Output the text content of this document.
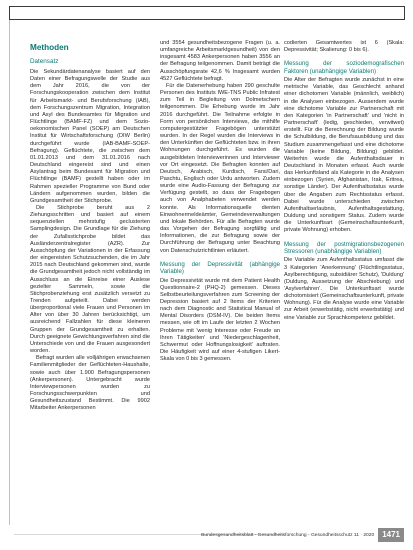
Methoden
Datensatz

Die Sekundärdatenanalyse basiert auf den Daten einer Befragungswelle der Studie aus dem Jahr 2016, die von der Forschungskooperation zwischen dem Institut für Arbeitsmarkt- und Berufsforschung (IAB), dem Forschungszentrum Migration, Integration und Asyl des Bundesamtes für Migration und Flüchtlinge (BAMF-FZ) und dem Sozio-oekonomischen Panel (SOEP) am Deutschen Institut für Wirtschaftsforschung (DIW Berlin) durchgeführt wurde (IAB-BAMF-SOEP-Befragung). Geflüchtete, die zwischen dem 01.01.2013 und dem 31.01.2016 nach Deutschland eingereist sind und einen Asylantrag beim Bundesamt für Migration und Flüchtlinge (BAMF) gestellt haben oder im Rahmen spezieller Programme von Bund oder Ländern aufgenommen wurden, bilden die Grundgesamtheit der Stichprobe.

Die Stichprobe beruht aus 2 Ziehungsschritten und basiert auf einem sequenziellen mehrstufig geclusterten Samplingdesign. Die Grundlage für die Ziehung der Zufallsstichprobe bildet das Ausländerzentralregister (AZR). Zur Ausschöpfung der Variationen in der Erfassung der eingereisten Schutzsuchenden, die im Jahr 2015 nach Deutschland gekommen sind, wurde die Grundgesamtheit jedoch nicht vollständig im Ausschluss an die Einreise einer Auslese gezielter Sammeln, sowie die Stichprobenziehung erst zusätzlich versetzt zu Trenden aufgeteilt. Dabei werden überproportional viele Frauen und Personen im Alter von über 30 Jahren berücksichtigt, um ausreichend Fallzahlen für diese kleineren Gruppen der Grundgesamtheit zu erhalten. Durch geeignete Gewichtungsverfahren sind die Unterschiede von und die Frauen ausgesondert worden.

Befragt wurden alle volljährigen erwachsenen Familienmitglieder der Geflüchteten-Haushalte, sowie auch über 1.900 Befragungspersonen (Ankerpersonen). Untergebracht wurde Interviewpersonen wurden zu Forschungsschwerpunkten und Gesundheitszustand Bestimmt. Die 9902 Mitarbeiter Ankerpersonen

und 3554 gesundheitsbezogene Fragen (u. a. umfangreiche Arbeitsmarktgesundheit) von den insgesamt 4583 Ankerpersonen haben 3556 an der Befragung teilgenommen. Damit beträgt die Ausschöpfungsrate 42,6 % Insgesamt wurden 4527 Geflüchtete befragt.

Für die Datenerhebung haben 290 geschulte Personen des Instituts IWE-TNS Public Infratest zum Teil in Begleitung von Dolmetschern teilgenommen. Die Erhebung wurde im Jahr 2016 durchgeführt. Die Teilnahme erfolgte in Form von persönlichen Interviews, die mithilfe computergestützter Fragebögen unterstützt wurden. In der Regel wurden die Interviews in den Unterkünften der Geflüchteten bzw. in ihren Wohnungen durchgeführt. Es wurden die ausgebildeten Interviewerinnen und Interviewer vor Ort eingesetzt. Die Befragten konnten auf Deutsch, Arabisch, Kurdisch, Farsi/Dari, Paschtu, Englisch oder Urdu antworten. Zudem wurde eine Audio-Fassung der Befragung zur Verfügung gestellt, so dass der Fragebogen auch von Analphabeten verwendet werden konnte. Als Informationsquelle dienten Einwohnermeldeämter, Gemeindeverwaltungen und lokale Behörden. Für alle Befragten wurde das Vorgehen der Befragung sorgfältig und Informationen, die zur Befragung sowie der Durchführung der Befragung unter Beachtung von Datenschutzrichtlinien erläutert.

Messung der Depressivität (abhängige Variable)

Die Depressivität wurde mit dem Patient Health Questionnaire-2 (PHQ-2) gemessen. Dieses Selbstbeurteilungsverfahren zum Screening der Depression basiert auf 2 Items der Kriterien nach dem Diagnostic and Statistical Manual of Mental Disorders (DSM-IV). Die beiden Items messen, wie oft im Laufe der letzten 2 Wochen Probleme mit 'wenig Interesse oder Freude an Ihren Tätigkeiten' und 'Niedergeschlagenheit, Schwermut oder Hoffnungslosigkeit' auftraten. Die Häufigkeit wird auf einer 4-stufigen Likert-Skala von 0 bis 3 gemessen.

codierten Gesamtwertes ist 6 (Skala: Depressivität; Skalierung: 0 bis 6).

Messung der soziodemografischen Faktoren (unabhängige Variablen)

Die Alter der Befragten wurde zunächst in eine metrische Variable, das Geschlecht anhand einer dichotomen Variable (männlich, weiblich) in die Analysen einbezogen. Ausserdem wurde eine dichotome Variable zur Partnerschaft mit den Kategorien 'in Partnerschaft' und 'nicht in Partnerschaft' (ledig, geschieden, verwitwet) erstellt. Für die Berechnung der Bildung wurde die Schulbildung, die Berufsausbildung und das Studium zusammengefasst und eine dichotome Variable (keine Bildung, Bildung) gebildet. Weiterhin wurde die Aufenthaltsdauer in Deutschland in Monaten erfasst. Auch wurde das Herkunftsland als Kategorie in die Analysen einbezogen (Syrien, Afghanistan, Irak, Eritrea, sonstige Länder). Der Aufenthaltsstatus wurde über die Angaben zum Rechtsstatus erfasst. Dabei wurde unterschieden zwischen Aufenthaltserlaubnis, Aufenthaltsgestattung, Duldung und sonstigem Status. Zudem wurde die Unterkunftsart (Gemeinschaftsunterkunft, private Wohnung) erhoben.

Messung der postmigrationsbezogenen Stressoren (unabhängige Variablen)

Die Variable zum Aufenthaltsstatus umfasst die 3 Kategorien 'Anerkennung' (Flüchtlingsstatus, Asylberechtigung, subsidiärer Schutz), 'Duldung' (Duldung, Aussetzung der Abschiebung) und 'Asylverfahren'. Die Unterkunftsart wurde dichotomisiert (Gemeinschaftsunterkunft, private Wohnung). Für die Analyse wurde eine Variable zur Arbeit (erwerbstätig, nicht erwerbstätig) und eine Variable zur Sprachkompetenz gebildet.

Bundesgesundheitsblatt - Gesundheitsforschung - Gesundheitsschutz 11 · 2020	1471
